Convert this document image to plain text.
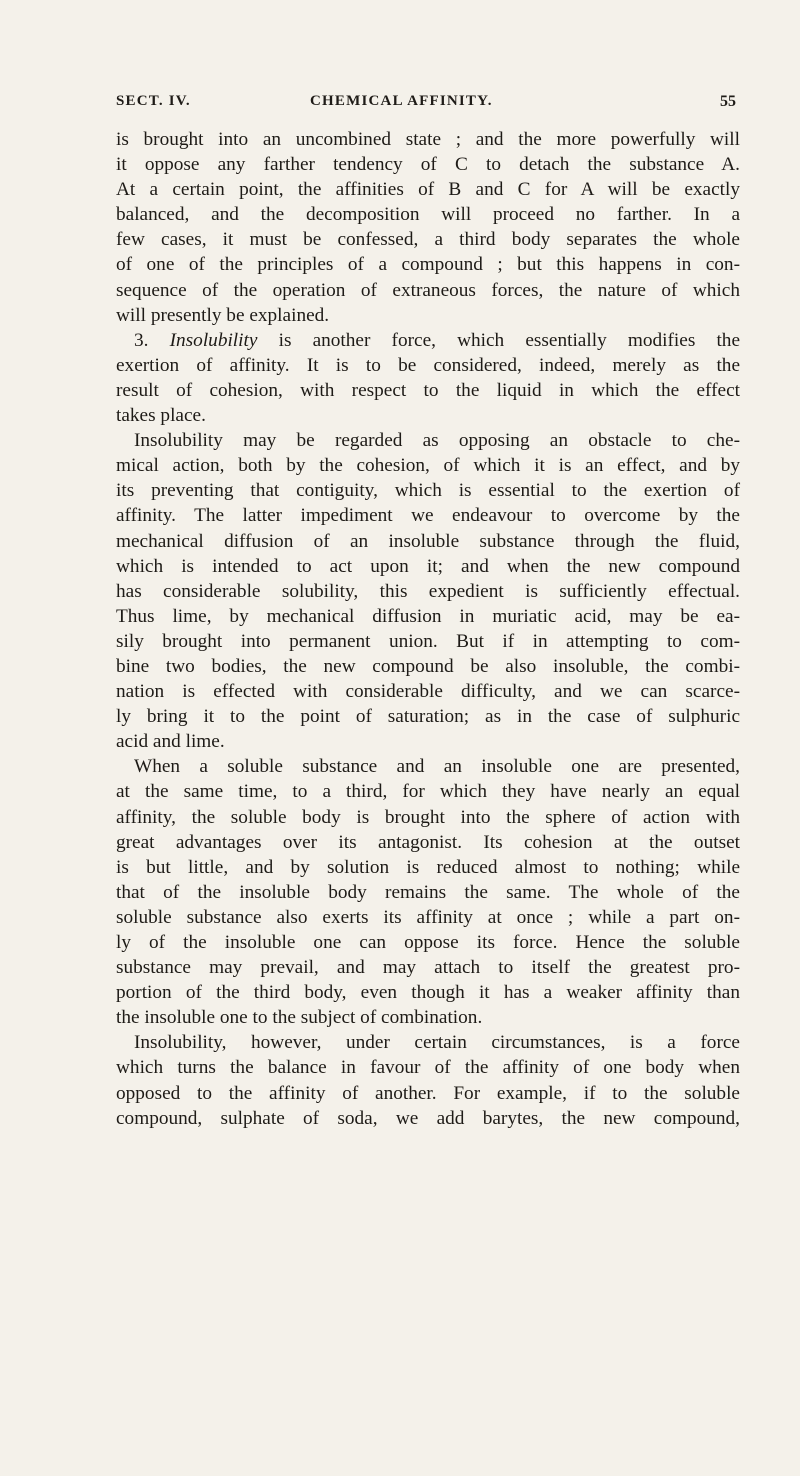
SECT. IV.	CHEMICAL AFFINITY.	55
is brought into an uncombined state ; and the more powerfully will
it oppose any farther tendency of C to detach the substance A.
At a certain point, the affinities of B and C for A will be exactly
balanced, and the decomposition will proceed no farther. In a
few cases, it must be confessed, a third body separates the whole
of one of the principles of a compound ; but this happens in con-
sequence of the operation of extraneous forces, the nature of which
will presently be explained.
3. Insolubility is another force, which essentially modifies the
exertion of affinity. It is to be considered, indeed, merely as the
result of cohesion, with respect to the liquid in which the effect
takes place.
Insolubility may be regarded as opposing an obstacle to che-
mical action, both by the cohesion, of which it is an effect, and by
its preventing that contiguity, which is essential to the exertion of
affinity. The latter impediment we endeavour to overcome by the
mechanical diffusion of an insoluble substance through the fluid,
which is intended to act upon it; and when the new compound
has considerable solubility, this expedient is sufficiently effectual.
Thus lime, by mechanical diffusion in muriatic acid, may be ea-
sily brought into permanent union. But if in attempting to com-
bine two bodies, the new compound be also insoluble, the combi-
nation is effected with considerable difficulty, and we can scarce-
ly bring it to the point of saturation; as in the case of sulphuric
acid and lime.
When a soluble substance and an insoluble one are presented,
at the same time, to a third, for which they have nearly an equal
affinity, the soluble body is brought into the sphere of action with
great advantages over its antagonist. Its cohesion at the outset
is but little, and by solution is reduced almost to nothing; while
that of the insoluble body remains the same. The whole of the
soluble substance also exerts its affinity at once ; while a part on-
ly of the insoluble one can oppose its force. Hence the soluble
substance may prevail, and may attach to itself the greatest pro-
portion of the third body, even though it has a weaker affinity than
the insoluble one to the subject of combination.
Insolubility, however, under certain circumstances, is a force
which turns the balance in favour of the affinity of one body when
opposed to the affinity of another. For example, if to the soluble
compound, sulphate of soda, we add barytes, the new compound,
